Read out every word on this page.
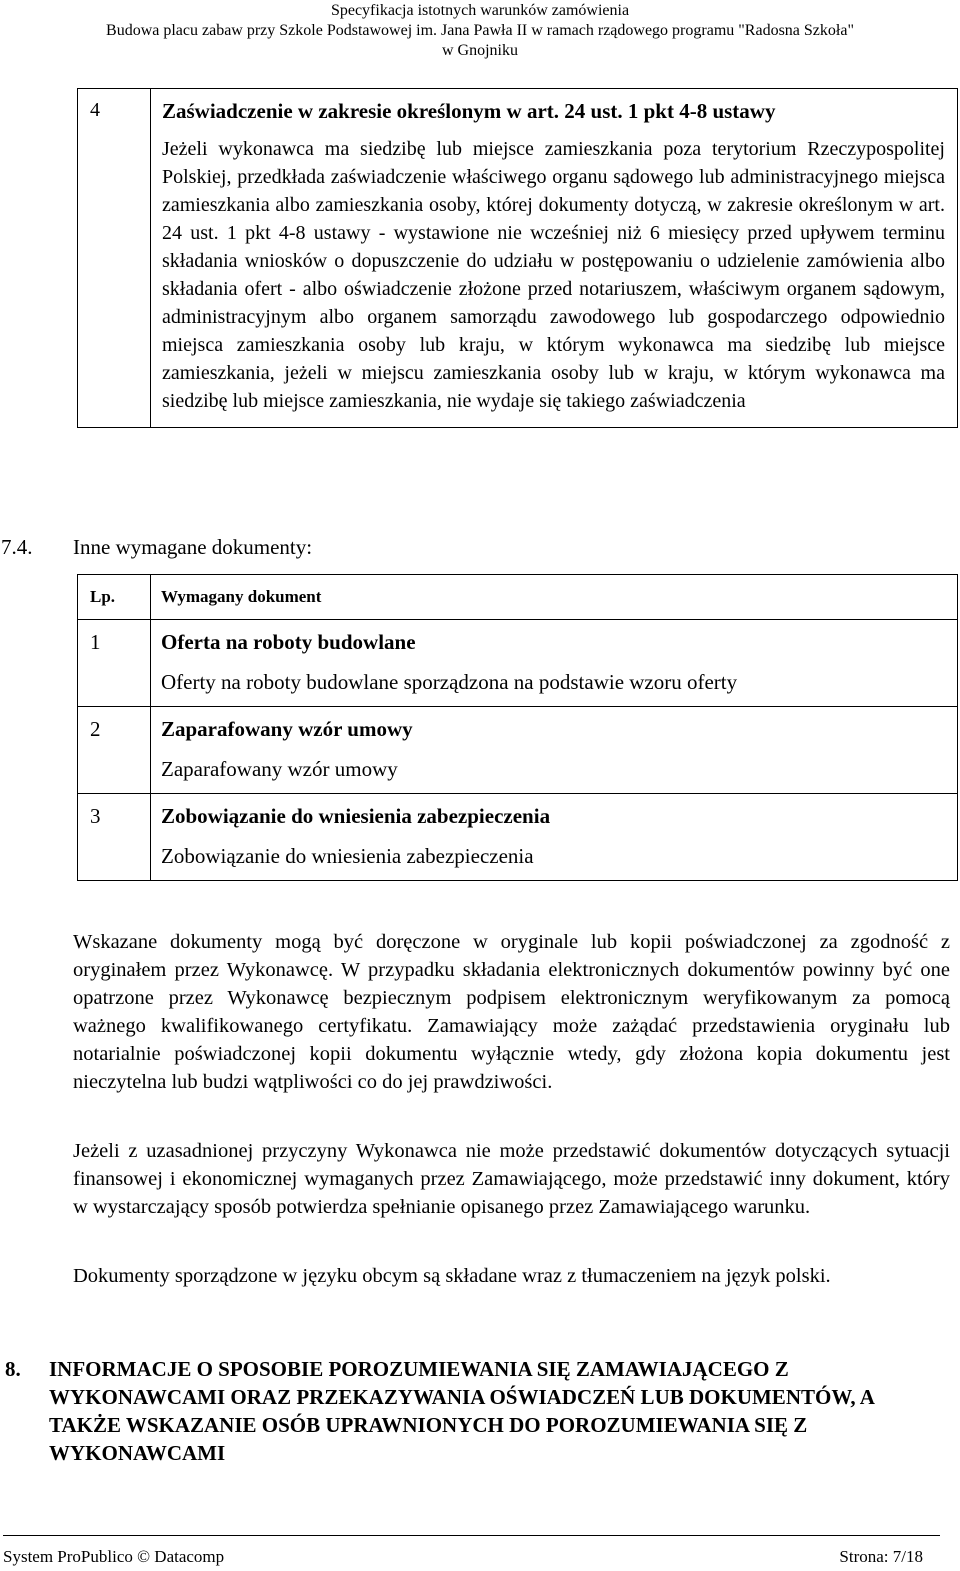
Specyfikacja istotnych warunków zamówienia
Budowa placu zabaw przy Szkole Podstawowej im. Jana Pawła II w ramach rządowego programu "Radosna Szkoła"
w Gnojniku
4	Zaświadczenie w zakresie określonym w art. 24 ust. 1 pkt 4-8 ustawy
Jeżeli wykonawca ma siedzibę lub miejsce zamieszkania poza terytorium Rzeczypospolitej Polskiej, przedkłada zaświadczenie właściwego organu sądowego lub administracyjnego miejsca zamieszkania albo zamieszkania osoby, której dokumenty dotyczą, w zakresie określonym w art. 24 ust. 1 pkt 4-8 ustawy - wystawione nie wcześniej niż 6 miesięcy przed upływem terminu składania wniosków o dopuszczenie do udziału w postępowaniu o udzielenie zamówienia albo składania ofert - albo oświadczenie złożone przed notariuszem, właściwym organem sądowym, administracyjnym albo organem samorządu zawodowego lub gospodarczego odpowiednio miejsca zamieszkania osoby lub kraju, w którym wykonawca ma siedzibę lub miejsce zamieszkania, jeżeli w miejscu zamieszkania osoby lub w kraju, w którym wykonawca ma siedzibę lub miejsce zamieszkania, nie wydaje się takiego zaświadczenia
7.4. Inne wymagane dokumenty:
Lp.	Wymagany dokument
1	Oferta na roboty budowlane
Oferty na roboty budowlane sporządzona na podstawie wzoru oferty

2	Zaparafowany wzór umowy
Zaparafowany wzór umowy

3	Zobowiązanie do wniesienia zabezpieczenia
Zobowiązanie do wniesienia zabezpieczenia

Wskazane dokumenty mogą być doręczone w oryginale lub kopii poświadczonej za zgodność z oryginałem przez Wykonawcę. W przypadku składania elektronicznych dokumentów powinny być one opatrzone przez Wykonawcę bezpiecznym podpisem elektronicznym weryfikowanym za pomocą ważnego kwalifikowanego certyfikatu. Zamawiający może zażądać przedstawienia oryginału lub notarialnie poświadczonej kopii dokumentu wyłącznie wtedy, gdy złożona kopia dokumentu jest nieczytelna lub budzi wątpliwości co do jej prawdziwości.

Jeżeli z uzasadnionej przyczyny Wykonawca nie może przedstawić dokumentów dotyczących sytuacji finansowej i ekonomicznej wymaganych przez Zamawiającego, może przedstawić inny dokument, który w wystarczający sposób potwierdza spełnianie opisanego przez Zamawiającego warunku.

Dokumenty sporządzone w języku obcym są składane wraz z tłumaczeniem na język polski.

8. INFORMACJE O SPOSOBIE POROZUMIEWANIA SIĘ ZAMAWIAJĄCEGO Z WYKONAWCAMI ORAZ PRZEKAZYWANIA OŚWIADCZEŃ LUB DOKUMENTÓW, A TAKŻE WSKAZANIE OSÓB UPRAWNIONYCH DO POROZUMIEWANIA SIĘ Z WYKONAWCAMI
System ProPublico © Datacomp	Strona: 7/18
